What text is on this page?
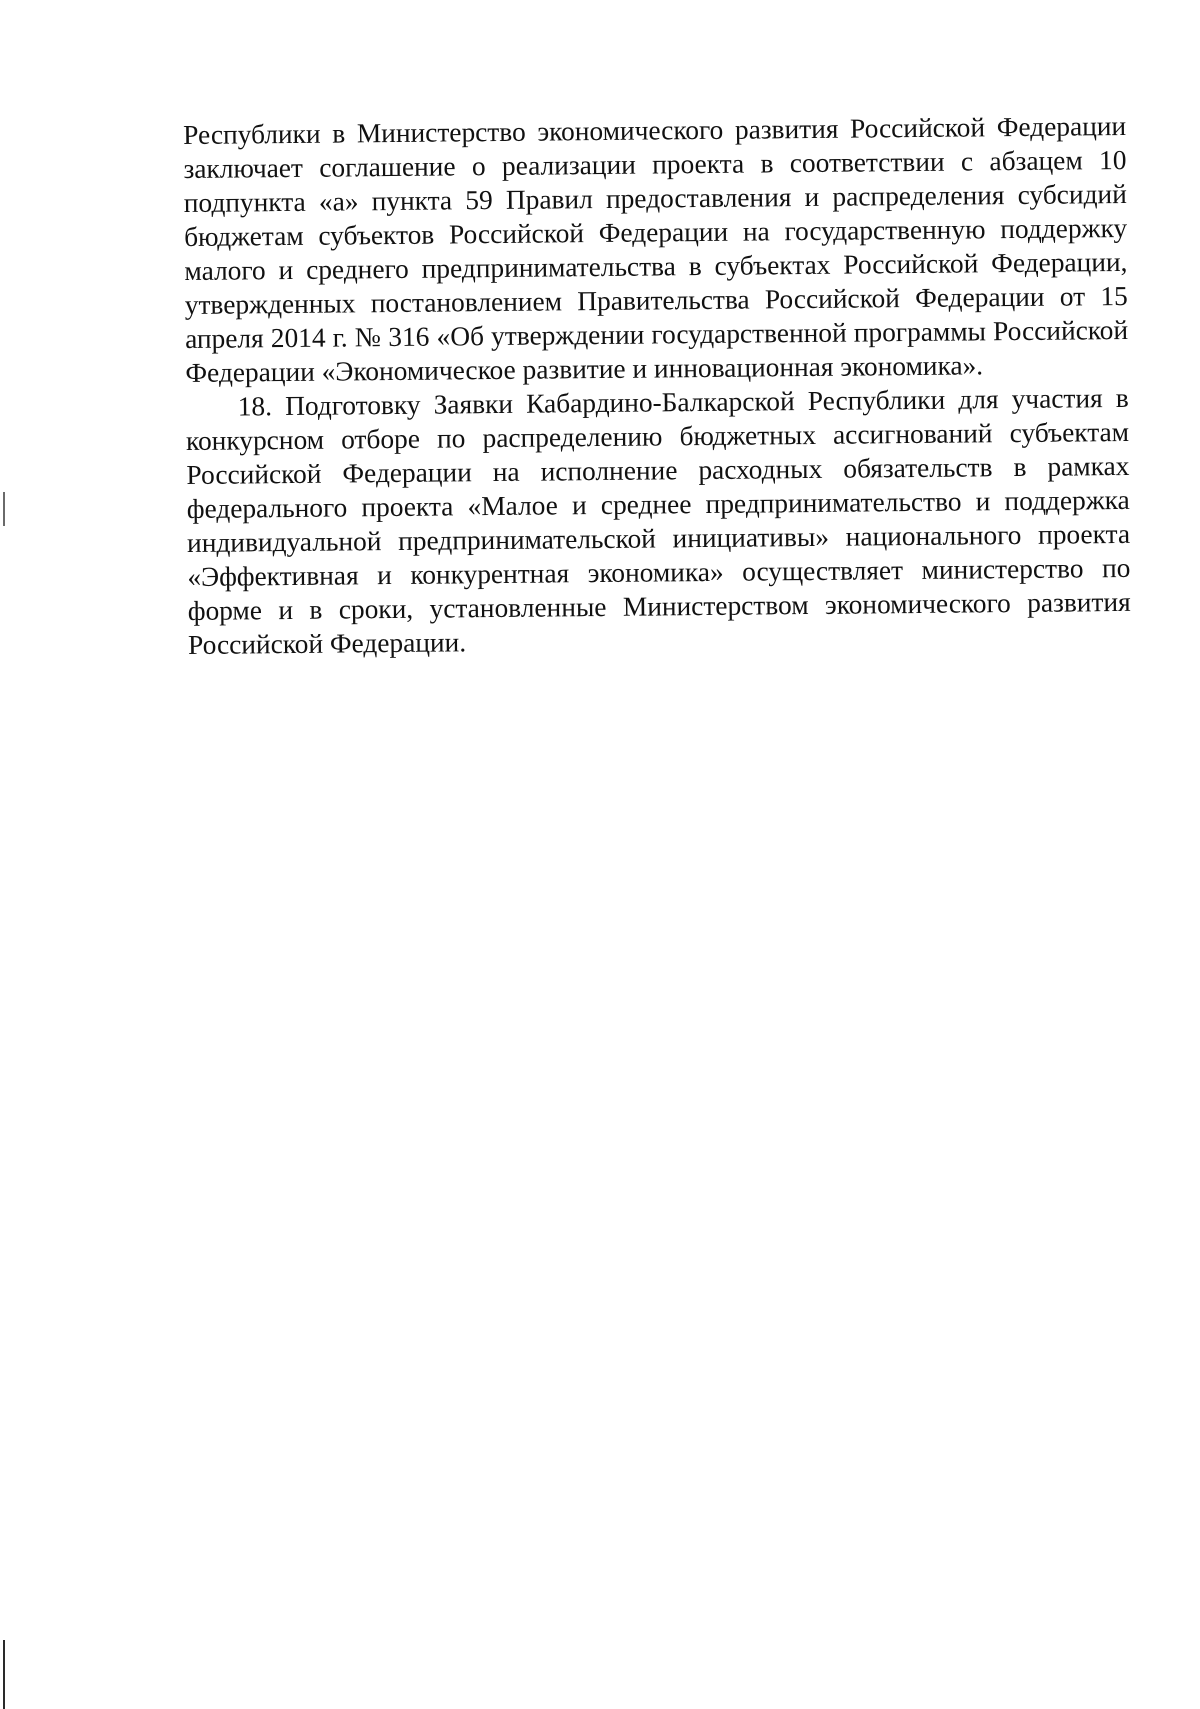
Республики в Министерство экономического развития Российской Федерации заключает соглашение о реализации проекта в соответствии с абзацем 10 подпункта «а» пункта 59 Правил предоставления и распределения субсидий бюджетам субъектов Российской Федерации на государственную поддержку малого и среднего предпринимательства в субъектах Российской Федерации, утвержденных постановлением Правительства Российской Федерации от 15 апреля 2014 г. № 316 «Об утверждении государственной программы Российской Федерации «Экономическое развитие и инновационная экономика».

18. Подготовку Заявки Кабардино-Балкарской Республики для участия в конкурсном отборе по распределению бюджетных ассигнований субъектам Российской Федерации на исполнение расходных обязательств в рамках федерального проекта «Малое и среднее предпринимательство и поддержка индивидуальной предпринимательской инициативы» национального проекта «Эффективная и конкурентная экономика» осуществляет министерство по форме и в сроки, установленные Министерством экономического развития Российской Федерации.
